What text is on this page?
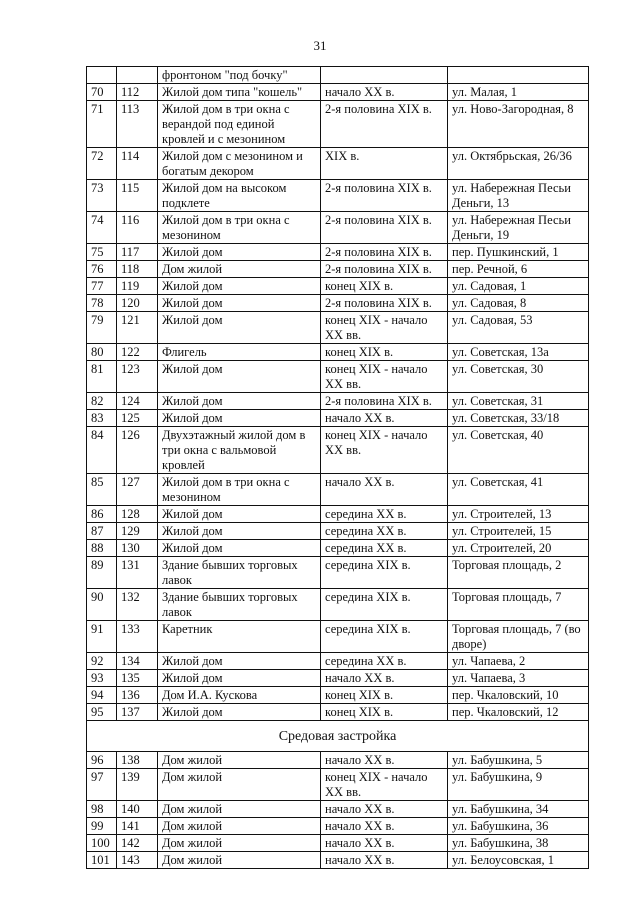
31
		фронтоном "под бочку"		
70	112	Жилой дом типа "кошель"	начало XX в.	ул. Малая, 1
71	113	Жилой дом в три окна с верандой под единой кровлей и с мезонином	2-я половина XIX в.	ул. Ново-Загородная, 8
72	114	Жилой дом с мезонином и богатым декором	XIX в.	ул. Октябрьская, 26/36
73	115	Жилой дом на высоком подклете	2-я половина XIX в.	ул. Набережная Песьи Деньги, 13
74	116	Жилой дом в три окна с мезонином	2-я половина XIX в.	ул. Набережная Песьи Деньги, 19
75	117	Жилой дом	2-я половина XIX в.	пер. Пушкинский, 1
76	118	Дом жилой	2-я половина XIX в.	пер. Речной, 6
77	119	Жилой дом	конец XIX в.	ул. Садовая, 1
78	120	Жилой дом	2-я половина XIX в.	ул. Садовая, 8
79	121	Жилой дом	конец XIX - начало XX вв.	ул. Садовая, 53
80	122	Флигель	конец XIX в.	ул. Советская, 13а
81	123	Жилой дом	конец XIX - начало XX вв.	ул. Советская, 30
82	124	Жилой дом	2-я половина XIX в.	ул. Советская, 31
83	125	Жилой дом	начало XX в.	ул. Советская, 33/18
84	126	Двухэтажный жилой дом в три окна с вальмовой кровлей	конец XIX - начало XX вв.	ул. Советская, 40
85	127	Жилой дом в три окна с мезонином	начало XX в.	ул. Советская, 41
86	128	Жилой дом	середина XX в.	ул. Строителей, 13
87	129	Жилой дом	середина XX в.	ул. Строителей, 15
88	130	Жилой дом	середина XX в.	ул. Строителей, 20
89	131	Здание бывших торговых лавок	середина XIX в.	Торговая площадь, 2
90	132	Здание бывших торговых лавок	середина XIX в.	Торговая площадь, 7
91	133	Каретник	середина XIX в.	Торговая площадь, 7 (во дворе)
92	134	Жилой дом	середина XX в.	ул. Чапаева, 2
93	135	Жилой дом	начало XX в.	ул. Чапаева, 3
94	136	Дом И.А. Кускова	конец XIX в.	пер. Чкаловский, 10
95	137	Жилой дом	конец XIX в.	пер. Чкаловский, 12
Средовая застройка				
96	138	Дом жилой	начало XX в.	ул. Бабушкина, 5
97	139	Дом жилой	конец XIX - начало XX вв.	ул. Бабушкина, 9
98	140	Дом жилой	начало XX в.	ул. Бабушкина, 34
99	141	Дом жилой	начало XX в.	ул. Бабушкина, 36
100	142	Дом жилой	начало XX в.	ул. Бабушкина, 38
101	143	Дом жилой	начало XX в.	ул. Белоусовская, 1
